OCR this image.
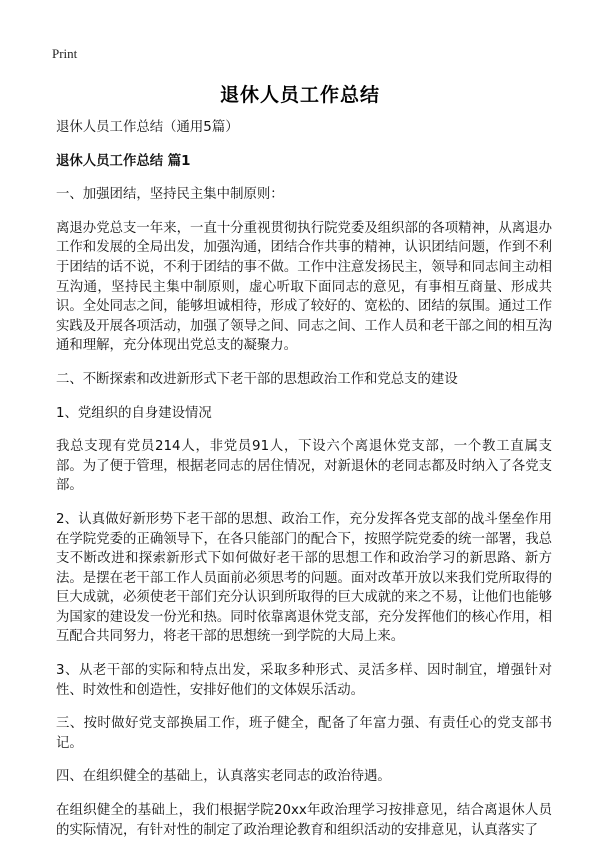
Print
退休人员工作总结

退休人员工作总结（通用5篇）

退休人员工作总结 篇1

一、加强团结，坚持民主集中制原则：

离退办党总支一年来，一直十分重视贯彻执行院党委及组织部的各项精神，从离退办工作和发展的全局出发，加强沟通，团结合作共事的精神，认识团结问题，作到不利于团结的话不说，不利于团结的事不做。工作中注意发扬民主，领导和同志间主动相互沟通，坚持民主集中制原则，虚心听取下面同志的意见，有事相互商量、形成共识。全处同志之间，能够坦诚相待，形成了较好的、宽松的、团结的氛围。通过工作实践及开展各项活动，加强了领导之间、同志之间、工作人员和老干部之间的相互沟通和理解，充分体现出党总支的凝聚力。

二、不断探索和改进新形式下老干部的思想政治工作和党总支的建设

1、党组织的自身建设情况

我总支现有党员214人，非党员91人，下设六个离退休党支部，一个教工直属支部。为了便于管理，根据老同志的居住情况，对新退休的老同志都及时纳入了各党支部。

2、认真做好新形势下老干部的思想、政治工作，充分发挥各党支部的战斗堡垒作用在学院党委的正确领导下，在各只能部门的配合下，按照学院党委的统一部署，我总支不断改进和探索新形式下如何做好老干部的思想工作和政治学习的新思路、新方法。是摆在老干部工作人员面前必须思考的问题。面对改革开放以来我们党所取得的巨大成就，必须使老干部们充分认识到所取得的巨大成就的来之不易，让他们也能够为国家的建设发一份光和热。同时依靠离退休党支部，充分发挥他们的核心作用，相互配合共同努力，将老干部的思想统一到学院的大局上来。

3、从老干部的实际和特点出发，采取多种形式、灵活多样、因时制宜，增强针对性、时效性和创造性，安排好他们的文体娱乐活动。

三、按时做好党支部换届工作，班子健全，配备了年富力强、有责任心的党支部书记。

四、在组织健全的基础上，认真落实老同志的政治待遇。

在组织健全的基础上，我们根据学院20xx年政治理学习按排意见，结合离退休人员的实际情况，有针对性的制定了政治理论教育和组织活动的安排意见，认真落实了
